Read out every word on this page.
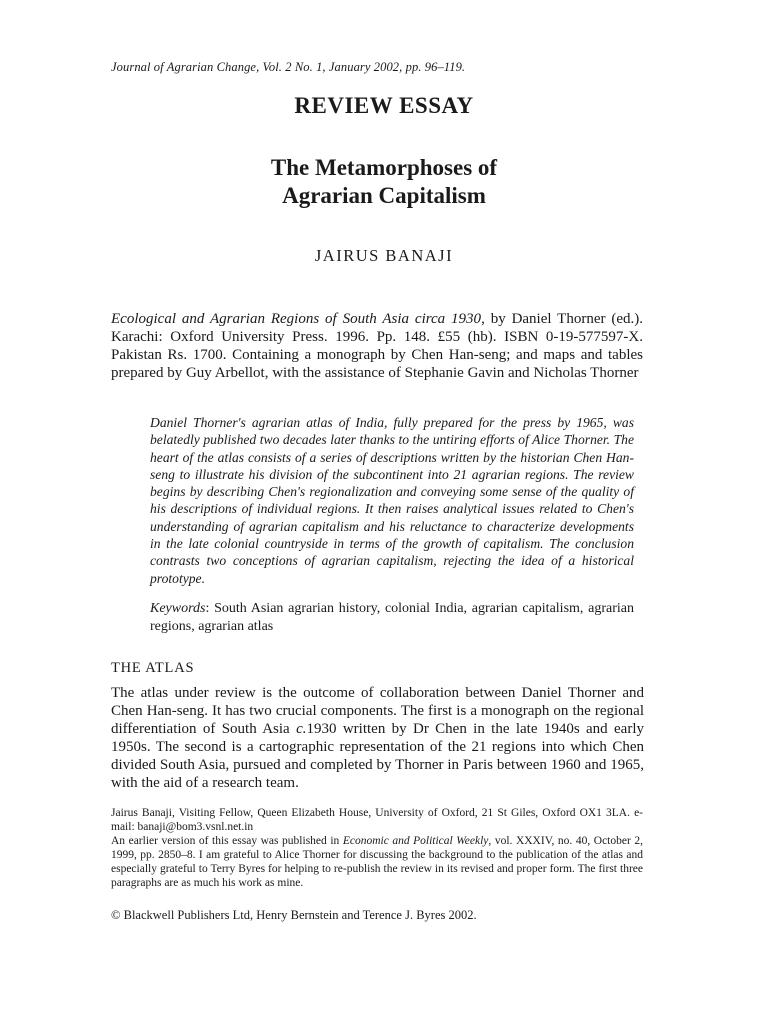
Journal of Agrarian Change, Vol. 2 No. 1, January 2002, pp. 96–119.
REVIEW ESSAY
The Metamorphoses of
Agrarian Capitalism
JAIRUS BANAJI
Ecological and Agrarian Regions of South Asia circa 1930, by Daniel Thorner (ed.). Karachi: Oxford University Press. 1996. Pp. 148. £55 (hb). ISBN 0-19-577597-X. Pakistan Rs. 1700. Containing a monograph by Chen Han-seng; and maps and tables prepared by Guy Arbellot, with the assistance of Stephanie Gavin and Nicholas Thorner
Daniel Thorner's agrarian atlas of India, fully prepared for the press by 1965, was belatedly published two decades later thanks to the untiring efforts of Alice Thorner. The heart of the atlas consists of a series of descriptions written by the historian Chen Han-seng to illustrate his division of the subcontinent into 21 agrarian regions. The review begins by describing Chen's regionalization and conveying some sense of the quality of his descriptions of individual regions. It then raises analytical issues related to Chen's understanding of agrarian capitalism and his reluctance to characterize developments in the late colonial countryside in terms of the growth of capitalism. The conclusion contrasts two conceptions of agrarian capitalism, rejecting the idea of a historical prototype.
Keywords: South Asian agrarian history, colonial India, agrarian capitalism, agrarian regions, agrarian atlas
THE ATLAS
The atlas under review is the outcome of collaboration between Daniel Thorner and Chen Han-seng. It has two crucial components. The first is a monograph on the regional differentiation of South Asia c.1930 written by Dr Chen in the late 1940s and early 1950s. The second is a cartographic representation of the 21 regions into which Chen divided South Asia, pursued and completed by Thorner in Paris between 1960 and 1965, with the aid of a research team.
Jairus Banaji, Visiting Fellow, Queen Elizabeth House, University of Oxford, 21 St Giles, Oxford OX1 3LA. e-mail: banaji@bom3.vsnl.net.in
An earlier version of this essay was published in Economic and Political Weekly, vol. XXXIV, no. 40, October 2, 1999, pp. 2850–8. I am grateful to Alice Thorner for discussing the background to the publication of the atlas and especially grateful to Terry Byres for helping to re-publish the review in its revised and proper form. The first three paragraphs are as much his work as mine.
© Blackwell Publishers Ltd, Henry Bernstein and Terence J. Byres 2002.
